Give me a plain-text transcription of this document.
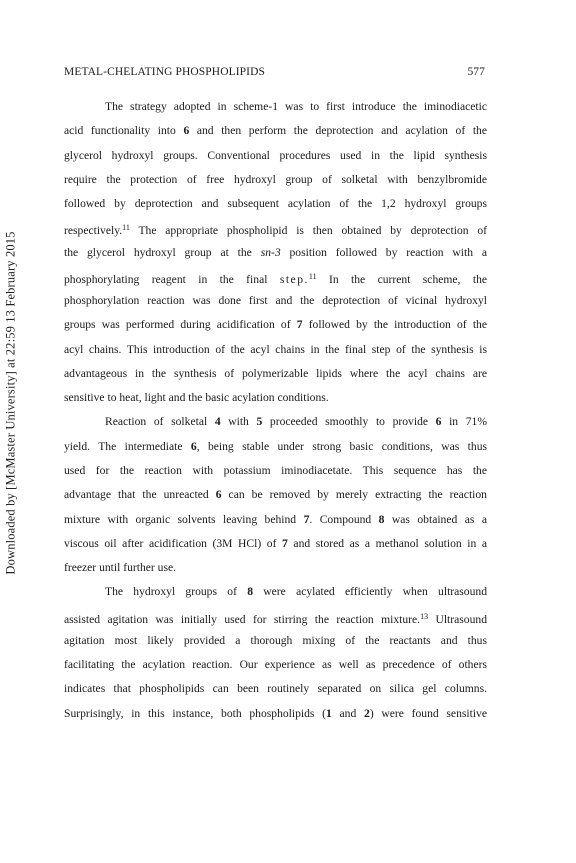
METAL-CHELATING PHOSPHOLIPIDS	577
Downloaded by [McMaster University] at 22:59 13 February 2015
The strategy adopted in scheme-1 was to first introduce the iminodiacetic
acid functionality into 6 and then perform the deprotection and acylation of the
glycerol hydroxyl groups. Conventional procedures used in the lipid synthesis
require the protection of free hydroxyl group of solketal with benzylbromide
followed by deprotection and subsequent acylation of the 1,2 hydroxyl groups
respectively.$^{11}$ The appropriate phospholipid is then obtained by deprotection of
the glycerol hydroxyl group at the sn-3 position followed by reaction with a
phosphorylating reagent in the final step.$^{11}$ In the current scheme, the
phosphorylation reaction was done first and the deprotection of vicinal hydroxyl
groups was performed during acidification of 7 followed by the introduction of the
acyl chains. This introduction of the acyl chains in the final step of the synthesis is
advantageous in the synthesis of polymerizable lipids where the acyl chains are
sensitive to heat, light and the basic acylation conditions.
Reaction of solketal 4 with 5 proceeded smoothly to provide 6 in 71%
yield. The intermediate 6, being stable under strong basic conditions, was thus
used for the reaction with potassium iminodiacetate. This sequence has the
advantage that the unreacted 6 can be removed by merely extracting the reaction
mixture with organic solvents leaving behind 7. Compound 8 was obtained as a
viscous oil after acidification (3M HCl) of 7 and stored as a methanol solution in a
freezer until further use.
The hydroxyl groups of 8 were acylated efficiently when ultrasound
assisted agitation was initially used for stirring the reaction mixture.$^{13}$ Ultrasound
agitation most likely provided a thorough mixing of the reactants and thus
facilitating the acylation reaction. Our experience as well as precedence of others
indicates that phospholipids can been routinely separated on silica gel columns.
Surprisingly, in this instance, both phospholipids (1 and 2) were found sensitive
